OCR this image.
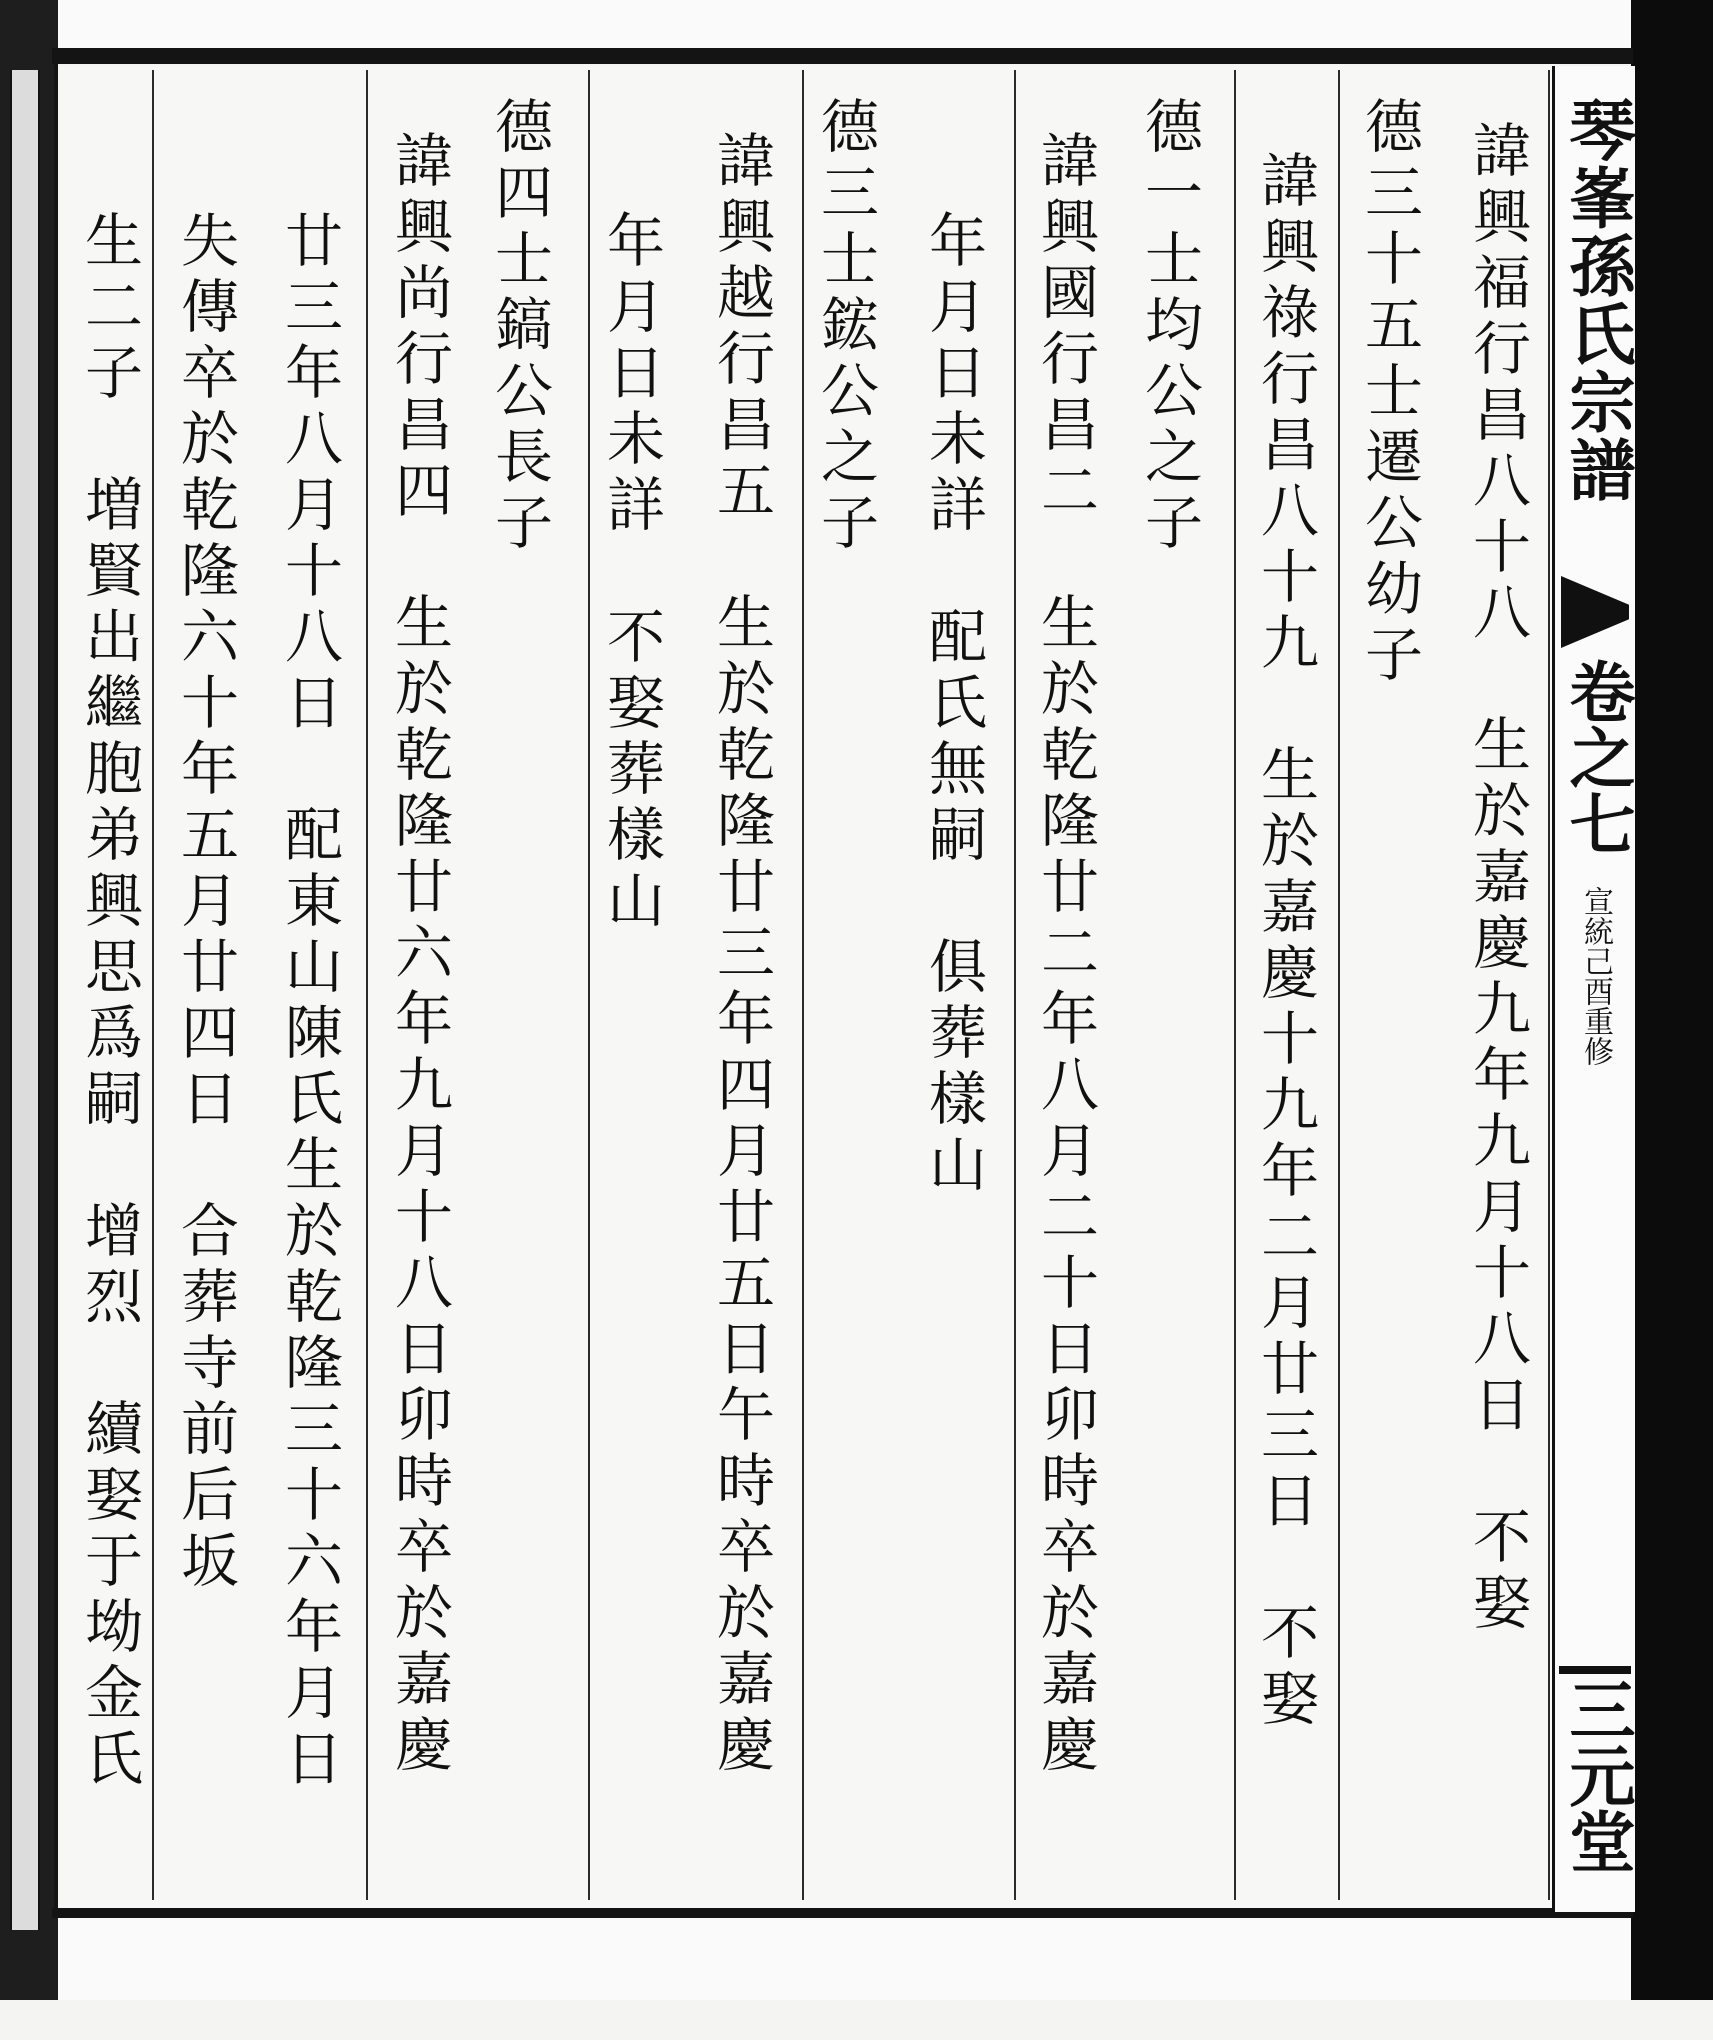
琴峯孫氏宗譜
卷之七
宣統己酉重修
三元堂
諱興福行昌八十八　生於嘉慶九年九月十八日　不娶
德三十五士遷公幼子
諱興祿行昌八十九　生於嘉慶十九年二月廿三日　不娶
德一士均公之子
諱興國行昌二　生於乾隆廿二年八月二十日卯時卒於嘉慶
年月日未詳　配氏無嗣　俱葬樣山
德三士鋐公之子
諱興越行昌五　生於乾隆廿三年四月廿五日午時卒於嘉慶
年月日未詳　不娶葬樣山
德四士鎬公長子
諱興尚行昌四　生於乾隆廿六年九月十八日卯時卒於嘉慶
廿三年八月十八日　配東山陳氏生於乾隆三十六年月日
失傳卒於乾隆六十年五月廿四日　合葬寺前后坂
生二子　増賢出繼胞弟興思爲嗣　增烈　續娶于坳金氏
